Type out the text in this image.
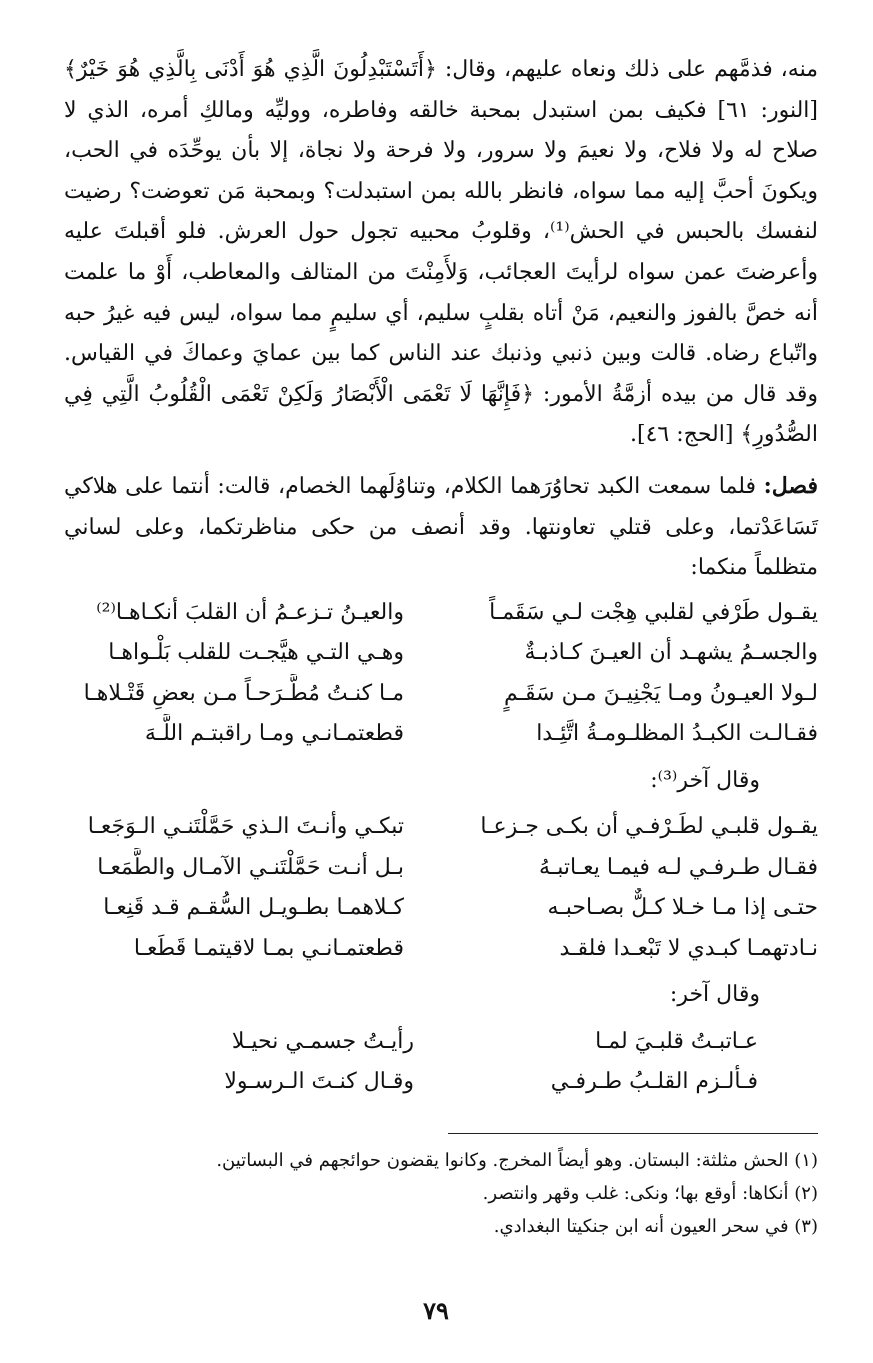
منه، فذمَّهم على ذلك ونعاه عليهم، وقال: ﴿أَتَسْتَبْدِلُونَ الَّذِي هُوَ أَدْنَى بِالَّذِي هُوَ خَيْرٌ﴾ [النور: ٦١] فكيف بمن استبدل بمحبة خالقه وفاطره، ووليِّه ومالكِ أمره، الذي لا صلاح له ولا فلاح، ولا نعيمَ ولا سرور، ولا فرحة ولا نجاة، إلا بأن يوحِّدَه في الحب، ويكونَ أحبَّ إليه مما سواه، فانظر بالله بمن استبدلت؟ وبمحبة مَن تعوضت؟ رضيت لنفسك بالحبس في الحش⁽¹⁾، وقلوبُ محبيه تجول حول العرش. فلو أقبلتَ عليه وأعرضتَ عمن سواه لرأيتَ العجائب، وَلأَمِنْتَ من المتالف والمعاطب، أَوْ ما علمت أنه خصَّ بالفوز والنعيم، مَنْ أتاه بقلبٍ سليم، أي سليمٍ مما سواه، ليس فيه غيرُ حبه واتّباع رضاه. قالت وبين ذنبي وذنبك عند الناس كما بين عمايَ وعماكَ في القياس. وقد قال من بيده أزمَّةُ الأمور: ﴿فَإِنَّهَا لَا تَعْمَى الْأَبْصَارُ وَلَكِنْ تَعْمَى الْقُلُوبُ الَّتِي فِي الصُّدُورِ﴾ [الحج: ٤٦].

فصل: فلما سمعت الكبد تحاوُرَهما الكلام، وتناوُلَهما الخصام، قالت: أنتما على هلاكي تَسَاعَدْتما، وعلى قتلي تعاونتها. وقد أنصف من حكى مناظرتكما، وعلى لساني متظلماً منكما:

يقـول طَرْفي لقلبي هِجْت لـي سَقَمـاً
والعيـنُ تـزعـمُ أن القلبَ أنكـاهـا⁽²⁾
والجسـمُ يشهـد أن العيـنَ كـاذبـةٌ
وهـي التـي هيَّجـت للقلب بَلْـواهـا
لـولا العيـونُ ومـا يَجْنِيـنَ مـن سَقَـمٍ
مـا كنـتُ مُطَّـرَحـاً مـن بعضِ قَتْـلاهـا
فقـالـت الكبـدُ المظلـومـةُ اتَّئِـدا
قطعتمـانـي ومـا راقبتـم اللَّـهَ
وقال آخر⁽³⁾:
يقـول قلبـي لطَـرْفـي أن بكـى جـزعـا
تبكـي وأنـتَ الـذي حَمَّلْتَنـي الـوَجَعـا
فقـال طـرفـي لـه فيمـا يعـاتبـهُ
بـل أنـت حَمَّلْتَنـي الآمـال والطَّمَعـا
حتـى إذا مـا خـلا كـلٌّ بصـاحبـه
كـلاهمـا بطـويـل السُّقـم قـد قَنِعـا
نـادتهمـا كبـدي لا تَبْعـدا فلقـد
قطعتمـانـي بمـا لاقيتمـا قَطَعـا
وقال آخر:
عـاتبـتُ قلبـيَ لمـا
رأيـتُ جسمـي نحيـلا
فـألـزم القلـبُ طـرفـي
وقـال كنـتَ الـرسـولا

(١) الحش مثلثة: البستان. وهو أيضاً المخرج. وكانوا يقضون حوائجهم في البساتين.

(٢) أنكاها: أوقع بها؛ ونكى: غلب وقهر وانتصر.

(٣) في سحر العيون أنه ابن جنكيتا البغدادي.

٧٩
